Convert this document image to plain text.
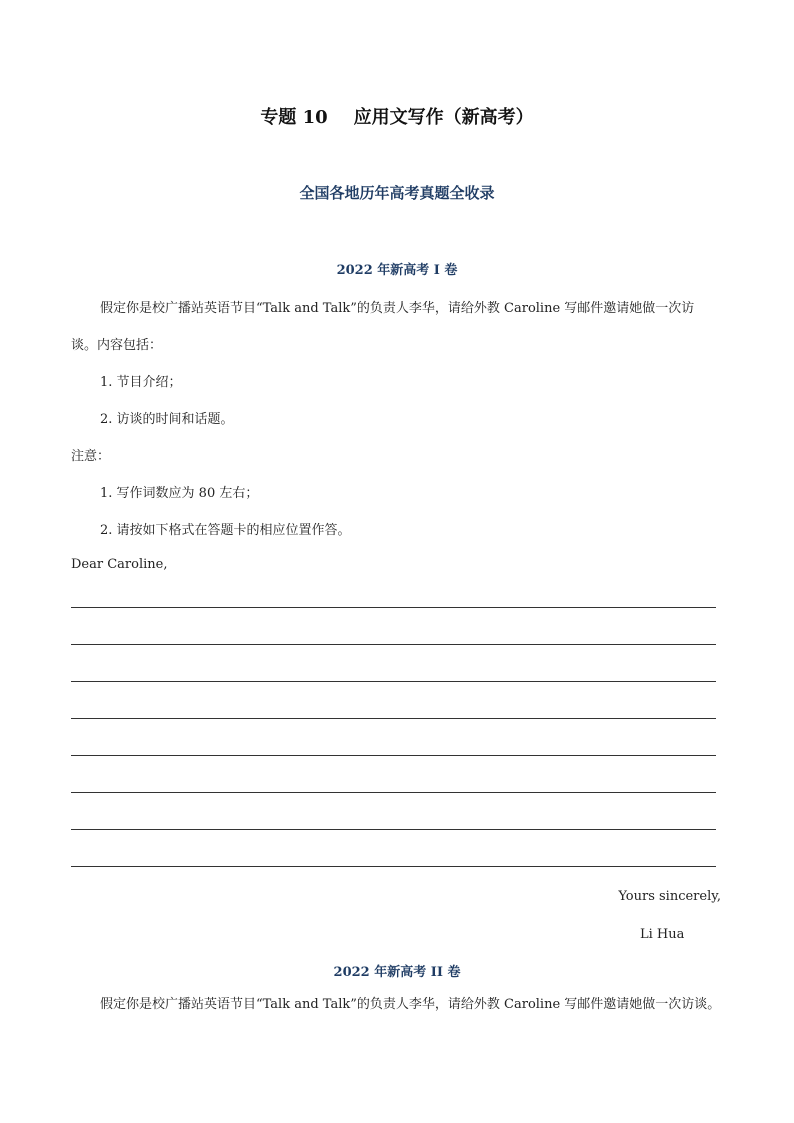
专题 10 应用文写作（新高考）
全国各地历年高考真题全收录
2022 年新高考 I 卷
假定你是校广播站英语节目“Talk and Talk”的负责人李华，请给外教 Caroline 写邮件邀请她做一次访
谈。内容包括：
1. 节目介绍；
2. 访谈的时间和话题。
注意：
1. 写作词数应为 80 左右；
2. 请按如下格式在答题卡的相应位置作答。
Dear Caroline,
Yours sincerely,
Li Hua
2022 年新高考 II 卷
假定你是校广播站英语节目“Talk and Talk”的负责人李华，请给外教 Caroline 写邮件邀请她做一次访谈。
